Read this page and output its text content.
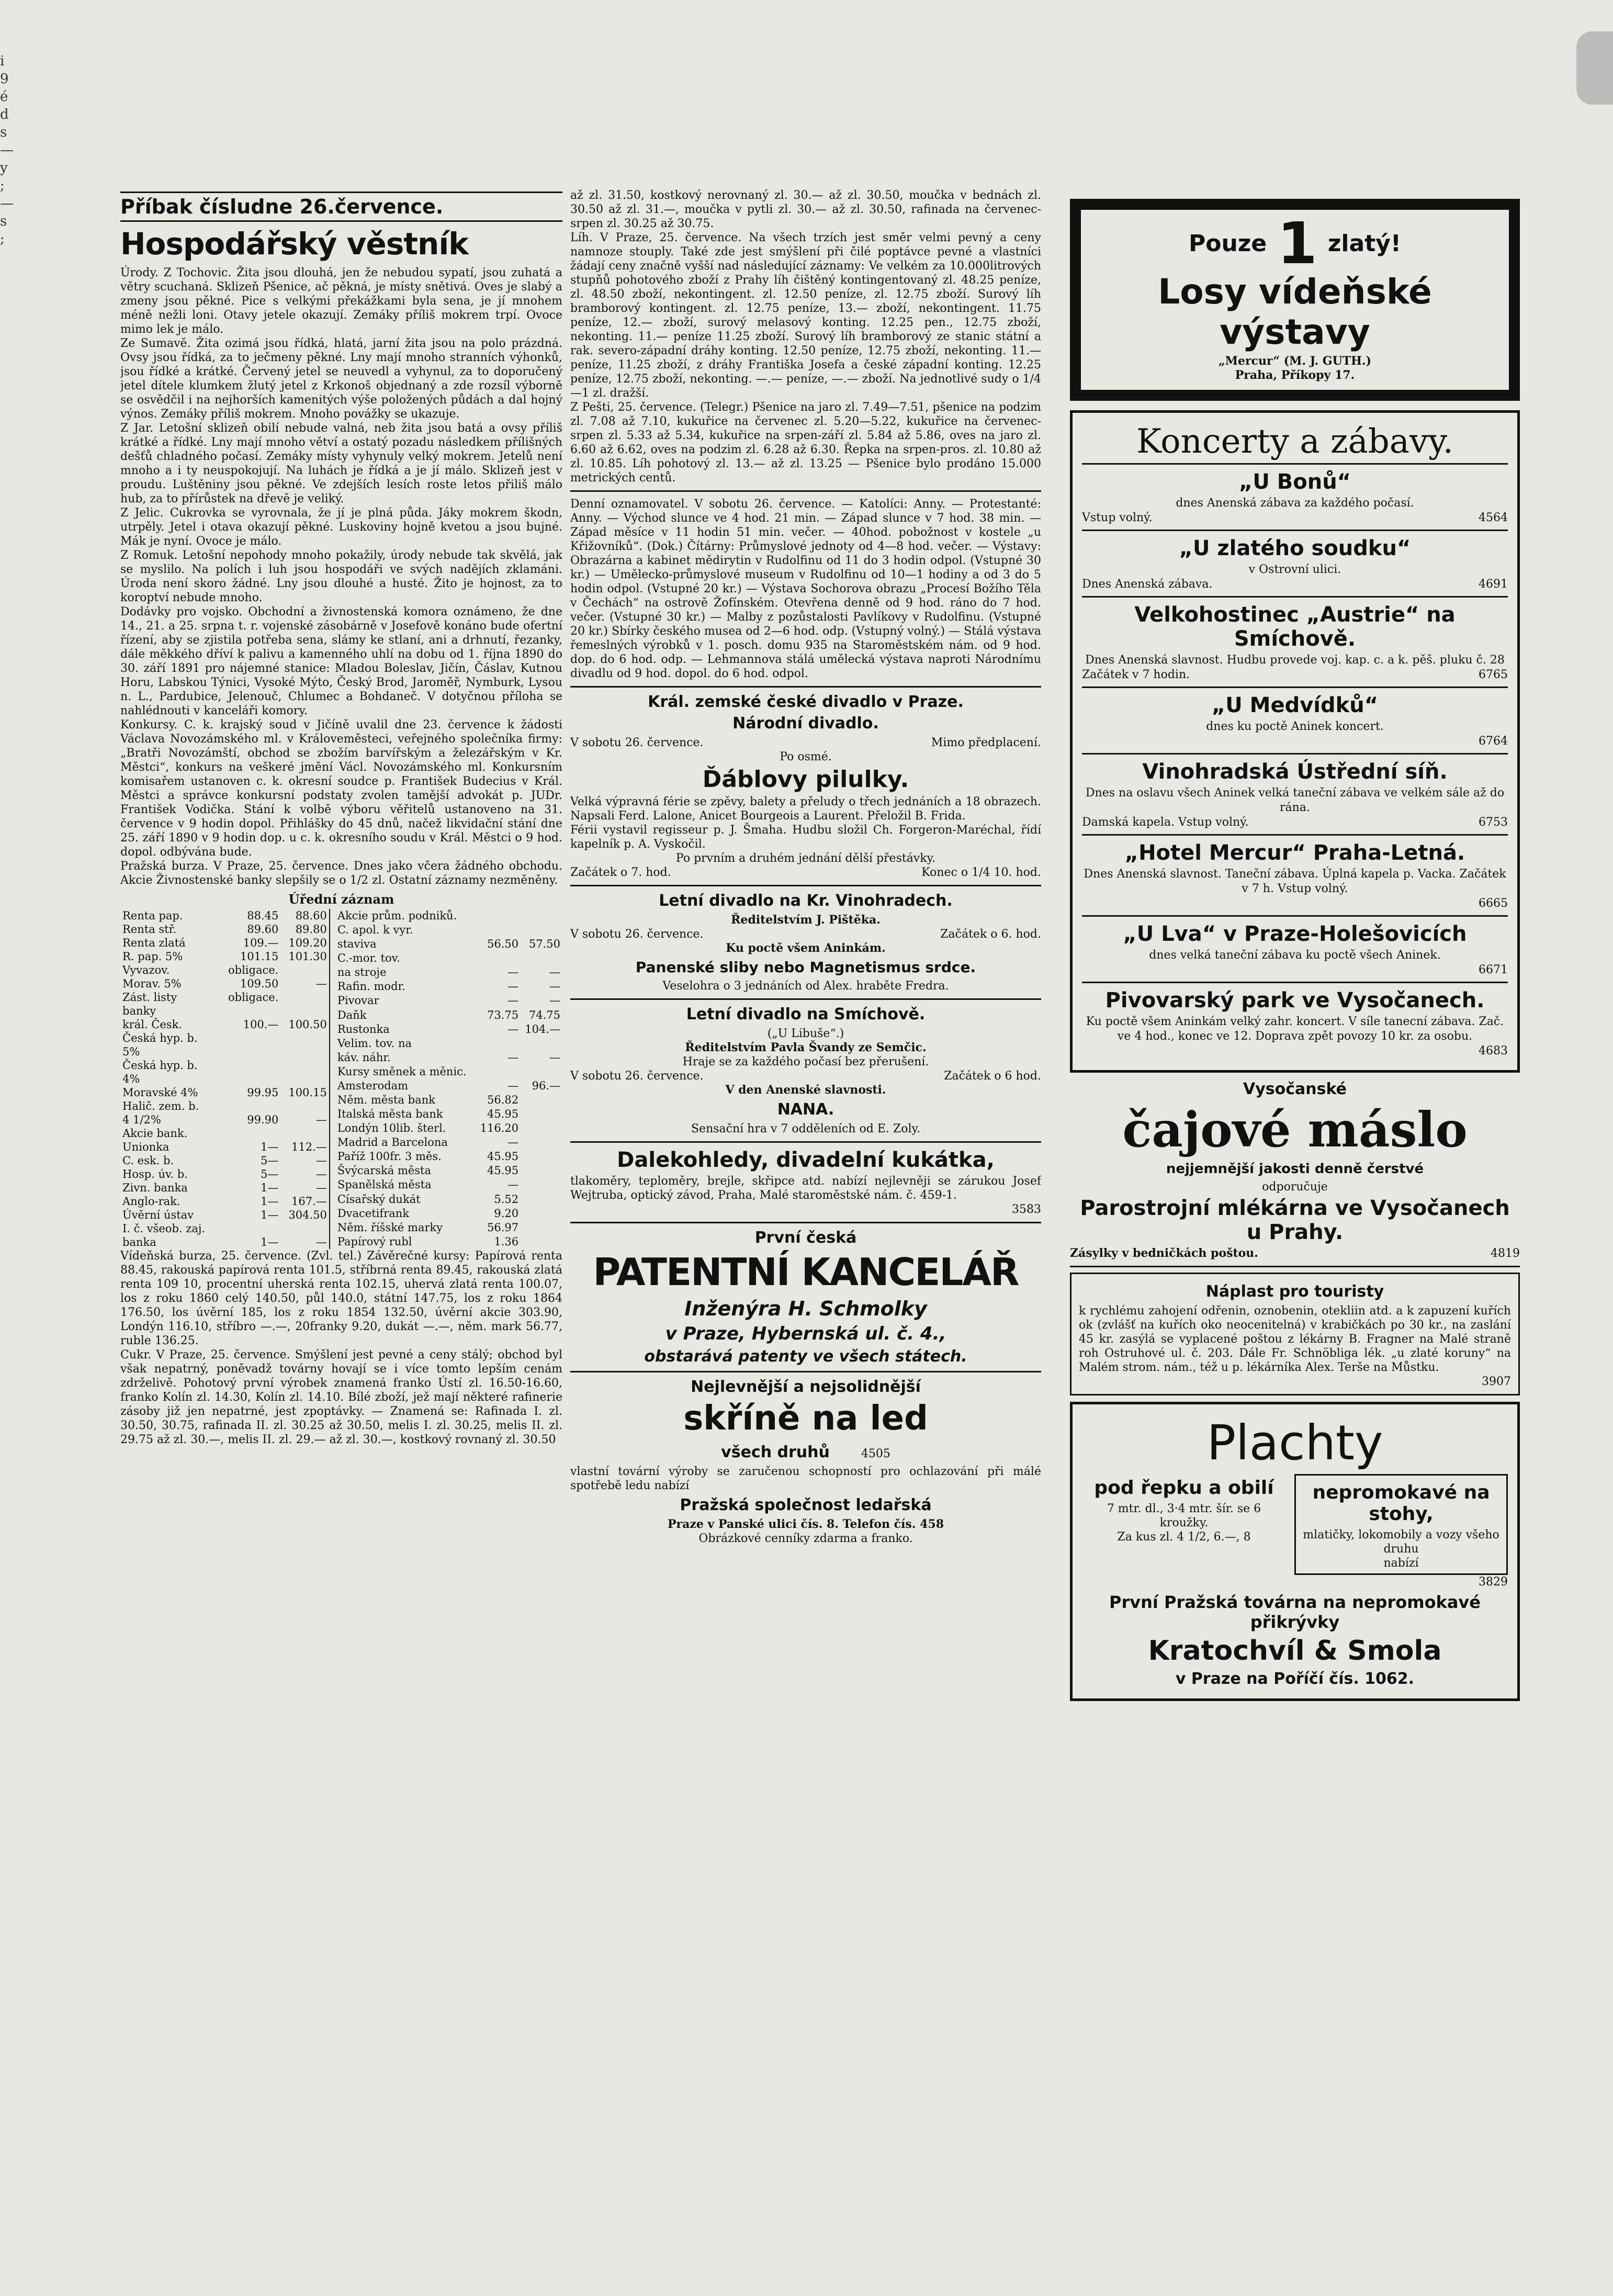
i
9
é
d
s
—
y
;
—
s
;
Příbak čísludne 26.července.
Hospodářský věstník

Úrody. Z Tochovic. Žita jsou dlouhá, jen že nebudou sypatí, jsou zuhatá a větry scuchaná. Sklizeň Pšenice, ač pěkná, je místy snětivá. Oves je slabý a zmeny jsou pěkné. Pice s velkými překážkami byla sena, je jí mnohem méně nežli loni. Otavy jetele okazují. Zemáky příliš mokrem trpí. Ovoce mimo lek je málo.

Ze Sumavě. Žita ozimá jsou řídká, hlatá, jarní žita jsou na polo prázdná. Ovsy jsou řídká, za to ječmeny pěkné. Lny mají mnoho stranních výhonků, jsou řídké a krátké. Červený jetel se neuvedl a vyhynul, za to doporučený jetel dítele klumkem žlutý jetel z Krkonoš objednaný a zde rozsíl výborně se osvědčil i na nejhorších kamenitých výše položených půdách a dal hojný výnos. Zemáky příliš mokrem. Mnoho povážky se ukazuje.

Z Jar. Letošní sklizeň obilí nebude valná, neb žita jsou batá a ovsy příliš krátké a řídké. Lny mají mnoho větví a ostatý pozadu následkem přílišných dešťů chladného počasí. Zemáky místy vyhynuly velký mokrem. Jetelů není mnoho a i ty neuspokojují. Na luhách je řídká a je jí málo. Sklizeň jest v proudu. Luštěniny jsou pěkné. Ve zdejších lesích roste letos přiliš málo hub, za to přírůstek na dřevě je veliký.

Z Jelic. Cukrovka se vyrovnala, že jí je plná půda. Jáky mokrem škodn, utrpěly. Jetel i otava okazují pěkné. Luskoviny hojně kvetou a jsou bujné. Mák je nyní. Ovoce je málo.

Z Romuk. Letošní nepohody mnoho pokažily, úrody nebude tak skvělá, jak se myslilo. Na polích i luh jsou hospodáři ve svých nadějích zklamáni. Úroda není skoro žádné. Lny jsou dlouhé a husté. Žito je hojnost, za to koroptví nebude mnoho.

Dodávky pro vojsko. Obchodní a živnostenská komora oznámeno, že dne 14., 21. a 25. srpna t. r. vojenské zásobárně v Josefově konáno bude ofertní řízení, aby se zjistila potřeba sena, slámy ke stlaní, ani a drhnutí, řezanky, dále měkkého dříví k palivu a kamenného uhlí na dobu od 1. října 1890 do 30. září 1891 pro nájemné stanice: Mladou Boleslav, Jičín, Čáslav, Kutnou Horu, Labskou Týnici, Vysoké Mýto, Český Brod, Jaroměř, Nymburk, Lysou n. L., Pardubice, Jelenouč, Chlumec a Bohdaneč. V dotyčnou příloha se nahlédnouti v kanceláři komory.

Konkursy. C. k. krajský soud v Jičíně uvalil dne 23. července k žádosti Václava Novozámského ml. v Královeměsteci, veřejného společníka firmy: „Bratři Novozámští, obchod se zbožím barvířským a železářským v Kr. Městci“, konkurs na veškeré jmění Václ. Novozámského ml. Konkursním komisařem ustanoven c. k. okresní soudce p. František Budecius v Král. Městci a správce konkursní podstaty zvolen tamější advokát p. JUDr. František Vodička. Stání k volbě výboru věřitelů ustanoveno na 31. července v 9 hodin dopol. Přihlášky do 45 dnů, načež likvidační stání dne 25. září 1890 v 9 hodin dop. u c. k. okresního soudu v Král. Městci o 9 hod. dopol. odbývána bude.

Pražská burza. V Praze, 25. července. Dnes jako včera žádného obchodu. Akcie Živnostenské banky slepšily se o 1/2 zl. Ostatní záznamy nezměněny.

Úřední záznam
Renta pap.	88.45	88.60
Renta stř.	89.60	89.80
Renta zlatá	109.—	109.20
R. pap. 5%	101.15	101.30
Vyvazov.	obligace.	
Morav. 5%	109.50	—
Zást. listy	obligace.	
banky		
král. Česk.	100.—	100.50
Česká hyp. b.		
5%		
Česká hyp. b.		
4%		
Moravské 4%	99.95	100.15
Halič. zem. b.		
4 1/2%	99.90	—
Akcie bank.		
Unionka	1—	112.—
C. esk. b.	5—	—
Hosp. úv. b.	5—	—
Zivn. banka	1—	—
Anglo-rak.	1—	167.—
Úvěrní ústav	1—	304.50
I. č. všeob. zaj.		
banka	1—	—
Akcie prům. podniků.		
C. apol. k vyr.		
staviva	56.50	57.50
C.-mor. tov.		
na stroje	—	—
Rafin. modr.	—	—
Pivovar	—	—
Daňk	73.75	74.75
Rustonka	—	104.—
Velim. tov. na		
káv. náhr.	—	—
Kursy směnek a měnic.		
Amsterodam	—	96.—
Něm. města bank	56.82	
Italská města bank	45.95	
Londýn 10lib. šterl.	116.20	
Madrid a Barcelona	—	
Paříž 100fr. 3 měs.	45.95	
Švýcarská města	45.95	
Spanělská města	—	
Císařský dukát	5.52	
Dvacetifrank	9.20	
Něm. říšské marky	56.97	
Papírový rubl	1.36	

Vídeňská burza, 25. července. (Zvl. tel.) Závěrečné kursy: Papírová renta 88.45, rakouská papírová renta 101.5, stříbrná renta 89.45, rakouská zlatá renta 109 10, procentní uherská renta 102.15, uhervá zlatá renta 100.07, los z roku 1860 celý 140.50, půl 140.0, státní 147.75, los z roku 1864 176.50, los úvěrní 185, los z roku 1854 132.50, úvěrní akcie 303.90, Londýn 116.10, stříbro —.—, 20franky 9.20, dukát —.—, něm. mark 56.77, ruble 136.25.

Cukr. V Praze, 25. července. Smýšlení jest pevné a ceny stálý; obchod byl však nepatrný, poněvadž továrny hovají se i více tomto lepším cenám zdrželivě. Pohotový první výrobek znamená franko Ústí zl. 16.50-16.60, franko Kolín zl. 14.30, Kolín zl. 14.10. Bílé zboží, jež mají některé rafinerie zásoby již jen nepatrné, jest zpoptávky. — Znamená se: Rafinada I. zl. 30.50, 30.75, rafinada II. zl. 30.25 až 30.50, melis I. zl. 30.25, melis II. zl. 29.75 až zl. 30.—, melis II. zl. 29.— až zl. 30.—, kostkový rovnaný zl. 30.50

až zl. 31.50, kostkový nerovnaný zl. 30.— až zl. 30.50, moučka v bednách zl. 30.50 až zl. 31.—, moučka v pytli zl. 30.— až zl. 30.50, rafinada na červenec-srpen zl. 30.25 až 30.75.

Líh. V Praze, 25. července. Na všech trzích jest směr velmi pevný a ceny namnoze stouply. Také zde jest smýšlení při čilé poptávce pevné a vlastníci žádají ceny značně vyšší nad následující záznamy: Ve velkém za 10.000litrových stupňů pohotového zboží z Prahy líh čištěný kontingentovaný zl. 48.25 peníze, zl. 48.50 zboží, nekontingent. zl. 12.50 peníze, zl. 12.75 zboží. Surový líh bramborový kontingent. zl. 12.75 peníze, 13.— zboží, nekontingent. 11.75 peníze, 12.— zboží, surový melasový konting. 12.25 pen., 12.75 zboží, nekonting. 11.— peníze 11.25 zboží. Surový líh bramborový ze stanic státní a rak. severo-západní dráhy konting. 12.50 peníze, 12.75 zboží, nekonting. 11.— peníze, 11.25 zboží, z dráhy Františka Josefa a české západní konting. 12.25 peníze, 12.75 zboží, nekonting. —.— peníze, —.— zboží. Na jednotlivé sudy o 1/4—1 zl. dražší.

Z Pešti, 25. července. (Telegr.) Pšenice na jaro zl. 7.49—7.51, pšenice na podzim zl. 7.08 až 7.10, kukuřice na červenec zl. 5.20—5.22, kukuřice na červenec-srpen zl. 5.33 až 5.34, kukuřice na srpen-září zl. 5.84 až 5.86, oves na jaro zl. 6.60 až 6.62, oves na podzim zl. 6.28 až 6.30. Řepka na srpen-pros. zl. 10.80 až zl. 10.85. Líh pohotový zl. 13.— až zl. 13.25 — Pšenice bylo prodáno 15.000 metrických centů.

Denní oznamovatel. V sobotu 26. července. — Katolíci: Anny. — Protestanté: Anny. — Východ slunce ve 4 hod. 21 min. — Západ slunce v 7 hod. 38 min. — Západ měsíce v 11 hodin 51 min. večer. — 40hod. pobožnost v kostele „u Křižovníků“. (Dok.) Čítárny: Průmyslové jednoty od 4—8 hod. večer. — Výstavy: Obrazárna a kabinet mědirytin v Rudolfinu od 11 do 3 hodin odpol. (Vstupné 30 kr.) — Umělecko-průmyslové museum v Rudolfinu od 10—1 hodiny a od 3 do 5 hodin odpol. (Vstupné 20 kr.) — Výstava Sochorova obrazu „Procesí Božího Těla v Čechách“ na ostrově Žofínském. Otevřena denně od 9 hod. ráno do 7 hod. večer. (Vstupné 30 kr.) — Malby z pozůstalosti Pavlíkovy v Rudolfinu. (Vstupné 20 kr.) Sbírky českého musea od 2—6 hod. odp. (Vstupný volný.) — Stálá výstava řemeslných výrobků v 1. posch. domu 935 na Staroměstském nám. od 9 hod. dop. do 6 hod. odp. — Lehmannova stálá umělecká výstava naproti Národnímu divadlu od 9 hod. dopol. do 6 hod. odpol.

Král. zemské české divadlo v Praze.
Národní divadlo.
V sobotu 26. července.	Mimo předplacení.
Po osmé.
Ďáblovy pilulky.

Velká výpravná férie se zpěvy, balety a přeludy o třech jednáních a 18 obrazech. Napsali Ferd. Lalone, Anicet Bourgeois a Laurent. Přeložil B. Frida.

Férii vystavil regisseur p. J. Šmaha. Hudbu složil Ch. Forgeron-Maréchal, řídí kapelník p. A. Vyskočil.

Po prvním a druhém jednání dělší přestávky.

Začátek o 7. hod.	Konec o 1/4 10. hod.
Letní divadlo na Kr. Vinohradech.
Ředitelstvím J. Pištěka.
V sobotu 26. července.	Začátek o 6. hod.
Ku poctě všem Aninkám.
Panenské sliby nebo Magnetismus srdce.
Veselohra o 3 jednáních od Alex. hraběte Fredra.
Letní divadlo na Smíchově.
(„U Libuše“.)
Ředitelstvím Pavla Švandy ze Semčic.
Hraje se za každého počasí bez přerušení.
V sobotu 26. července.	Začátek o 6 hod.
V den Anenské slavnosti.
NANA.
Sensační hra v 7 odděleních od E. Zoly.
Dalekohledy, divadelní kukátka,

tlakoměry, teploměry, brejle, skřipce atd. nabízí nejlevněji se zárukou Josef Wejtruba, optický závod, Praha, Malé staroměstské nám. č. 459-1.

3583
První česká
PATENTNÍ KANCELÁŘ
Inženýra H. Schmolky
v Praze, Hybernská ul. č. 4.,
obstarává patenty ve všech státech.
Nejlevnější a nejsolidnější
skříně na led
všech druhů	4505

vlastní tovární výroby se zaručenou schopností pro ochlazování při málé spotřebě ledu nabízí

Pražská společnost ledařská
Praze v Panské ulici čís. 8. Telefon čís. 458
Obrázkové cenníky zdarma a franko.
Pouze 1 zlatý!
Losy vídeňské výstavy
„Mercur“ (M. J. GUTH.)
Praha, Příkopy 17.
Koncerty a zábavy.
„U Bonů“
dnes Anenská zábava za každého počasí.
Vstup volný.	4564
„U zlatého soudku“
v Ostrovní ulici.
Dnes Anenská zábava.	4691
Velkohostinec „Austrie“ na Smíchově.
Dnes Anenská slavnost. Hudbu provede voj. kap. c. a k. pěš. pluku č. 28
Začátek v 7 hodin.	6765
„U Medvídků“
dnes ku poctě Aninek koncert.
6764
Vinohradská Ústřední síň.
Dnes na oslavu všech Aninek velká taneční zábava ve velkém sále až do rána.
Damská kapela. Vstup volný.	6753
„Hotel Mercur“ Praha-Letná.
Dnes Anenská slavnost. Taneční zábava. Úplná kapela p. Vacka. Začátek v 7 h. Vstup volný.
6665
„U Lva“ v Praze-Holešovicích
dnes velká taneční zábava ku poctě všech Aninek.
6671
Pivovarský park ve Vysočanech.
Ku poctě všem Aninkám velký zahr. koncert. V síle tanecní zábava. Zač. ve 4 hod., konec ve 12. Doprava zpět povozy 10 kr. za osobu.
4683
Vysočanské
čajové máslo
nejjemnější jakosti denně čerstvé
odporučuje
Parostrojní mlékárna ve Vysočanech u Prahy.
Zásylky v bedničkách poštou.	4819
Náplast pro touristy

k rychlému zahojení odřenin, oznobenin, otekliin atd. a k zapuzení kuřích ok (zvlášť na kuřích oko neocenitelná) v krabičkách po 30 kr., na zaslání 45 kr. zasýlá se vyplacené poštou z lékárny B. Fragner na Malé straně roh Ostruhové ul. č. 203. Dále Fr. Schnöbliga lék. „u zlaté koruny“ na Malém strom. nám., též u p. lékárníka Alex. Terše na Můstku.

3907
Plachty
pod řepku a obilí
7 mtr. dl., 3·4 mtr. šír. se 6 kroužky.
Za kus zl. 4 1/2, 6.—, 8
nepromokavé na stohy,
mlatičky, lokomobily a vozy všeho druhu
nabízí
3829
První Pražská továrna na nepromokavé přikrývky
Kratochvíl & Smola
v Praze na Poříčí čís. 1062.
